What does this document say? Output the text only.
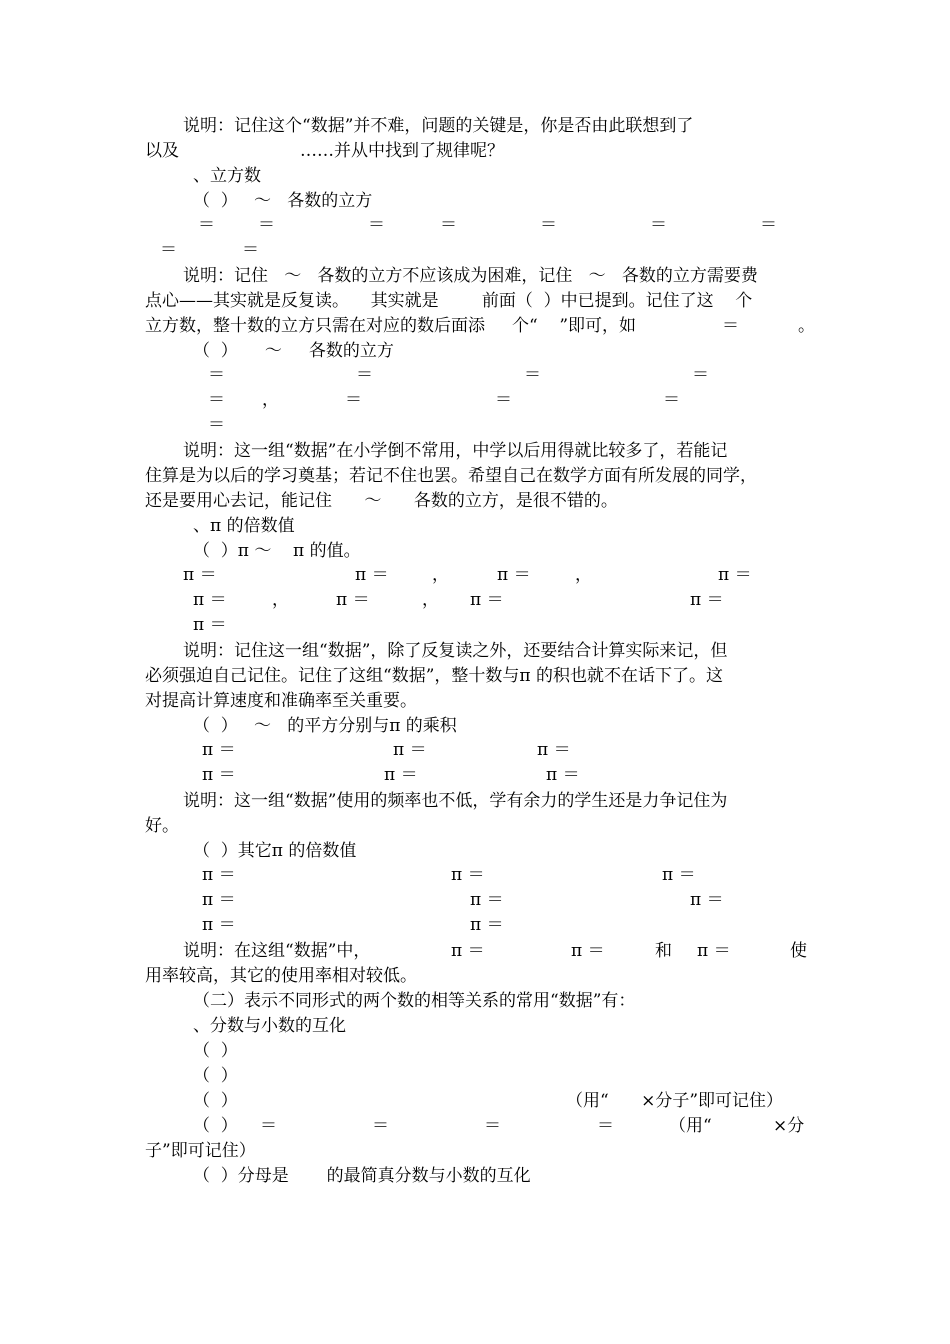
说明：记住这个“数据”并不难，问题的关键是，你是否由此联想到了
以及	……并从中找到了规律呢？
、立方数
（  ）   ～   各数的立方
＝	＝	＝	＝	＝	＝	＝
＝	＝
说明：记住   ～   各数的立方不应该成为困难，记住   ～   各数的立方需要费
点心——其实就是反复读。    其实就是        前面（  ）中已提到。记住了这    个
立方数，整十数的立方只需在对应的数后面添     个“    ”即可，如	＝	。
（  ）     ～     各数的立方
＝	＝	＝	＝
＝ ，	＝	＝	＝
＝
说明：这一组“数据”在小学倒不常用，中学以后用得就比较多了，若能记
住算是为以后的学习奠基；若记不住也罢。希望自己在数学方面有所发展的同学，
还是要用心去记，能记住      ～      各数的立方，是很不错的。
、π 的倍数值
（  ）π ～    π 的值。
π ＝	π ＝	，	π ＝	，	π ＝
π ＝	，	π ＝	， π ＝	π ＝
π ＝
说明：记住这一组“数据”，除了反复读之外，还要结合计算实际来记，但
必须强迫自己记住。记住了这组“数据”，整十数与π 的积也就不在话下了。这
对提高计算速度和准确率至关重要。
（  ）   ～   的平方分别与π 的乘积
π ＝	π ＝	π ＝
π ＝	π ＝	π ＝
说明：这一组“数据”使用的频率也不低，学有余力的学生还是力争记住为
好。
（  ）其它π 的倍数值
π ＝	π ＝	π ＝
π ＝	π ＝	π ＝
π ＝	π ＝
说明：在这组“数据”中，	π ＝	π ＝	和 π ＝	使
用率较高，其它的使用率相对较低。
（二）表示不同形式的两个数的相等关系的常用“数据”有：
、分数与小数的互化
（  ）
（  ）
（  ）	（用“      ×分子”即可记住）
（  ） ＝	＝	＝	＝	（用“	×分
子”即可记住）
（  ）分母是       的最简真分数与小数的互化
